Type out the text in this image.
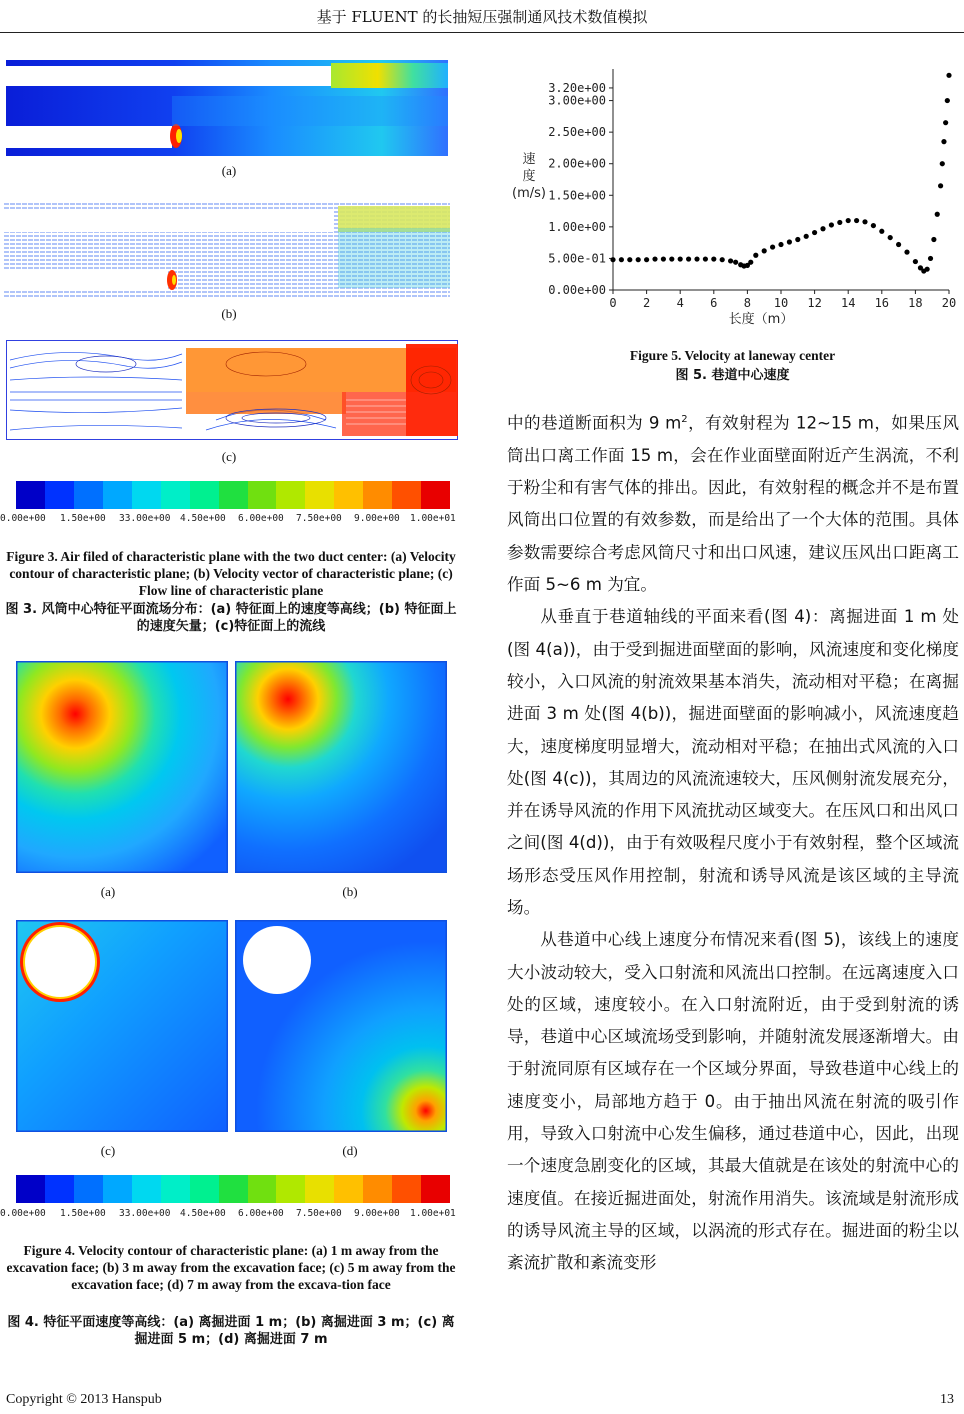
基于 FLUENT 的长抽短压强制通风技术数值模拟
(a)
(b)
(c)
0.00e+00 1.50e+00 33.00e+00 4.50e+00 6.00e+00 7.50e+00 9.00e+00 1.00e+01
Figure 3. Air filed of characteristic plane with the two duct center: (a) Velocity contour of characteristic plane; (b) Velocity vector of characteristic plane; (c) Flow line of characteristic plane
图 3. 风筒中心特征平面流场分布：(a) 特征面上的速度等高线；(b) 特征面上的速度矢量；(c)特征面上的流线
(a)	(b)
(c)	(d)
0.00e+00 1.50e+00 33.00e+00 4.50e+00 6.00e+00 7.50e+00 9.00e+00 1.00e+01
Figure 4. Velocity contour of characteristic plane: (a) 1 m away from the excavation face; (b) 3 m away from the excavation face; (c) 5 m away from the excavation face; (d) 7 m away from the excava-tion face
图 4. 特征平面速度等高线：(a) 离掘进面 1 m；(b) 离掘进面 3 m；(c) 离掘进面 5 m；(d) 离掘进面 7 m
0.00e+00
5.00e-01
1.00e+00
1.50e+00
2.00e+00
2.50e+00
3.00e+00
3.20e+00
0 2 4 6 8 10 12 14 16 18 20
长度（m）
速
度
(m/s)
Figure 5. Velocity at laneway center
图 5. 巷道中心速度

中的巷道断面积为 9 $m^2$，有效射程为 12~15 m，如果压风筒出口离工作面 15 m，会在作业面壁面附近产生涡流，不利于粉尘和有害气体的排出。因此，有效射程的概念并不是布置风筒出口位置的有效参数，而是给出了一个大体的范围。具体参数需要综合考虑风筒尺寸和出口风速，建议压风出口距离工作面 5~6 m 为宜。

从垂直于巷道轴线的平面来看(图 4)：离掘进面 1 m 处(图 4(a))，由于受到掘进面壁面的影响，风流速度和变化梯度较小，入口风流的射流效果基本消失，流动相对平稳；在离掘进面 3 m 处(图 4(b))，掘进面壁面的影响减小，风流速度趋大，速度梯度明显增大，流动相对平稳；在抽出式风流的入口处(图 4(c))，其周边的风流流速较大，压风侧射流发展充分，并在诱导风流的作用下风流扰动区域变大。在压风口和出风口之间(图 4(d))，由于有效吸程尺度小于有效射程，整个区域流场形态受压风作用控制，射流和诱导风流是该区域的主导流场。

从巷道中心线上速度分布情况来看(图 5)，该线上的速度大小波动较大，受入口射流和风流出口控制。在远离速度入口处的区域，速度较小。在入口射流附近，由于受到射流的诱导，巷道中心区域流场受到影响，并随射流发展逐渐增大。由于射流同原有区域存在一个区域分界面，导致巷道中心线上的速度变小，局部地方趋于 0。由于抽出风流在射流的吸引作用，导致入口射流中心发生偏移，通过巷道中心，因此，出现一个速度急剧变化的区域，其最大值就是在该处的射流中心的速度值。在接近掘进面处，射流作用消失。该流域是射流形成的诱导风流主导的区域，以涡流的形式存在。掘进面的粉尘以紊流扩散和紊流变形

Copyright © 2013 Hanspub	13
